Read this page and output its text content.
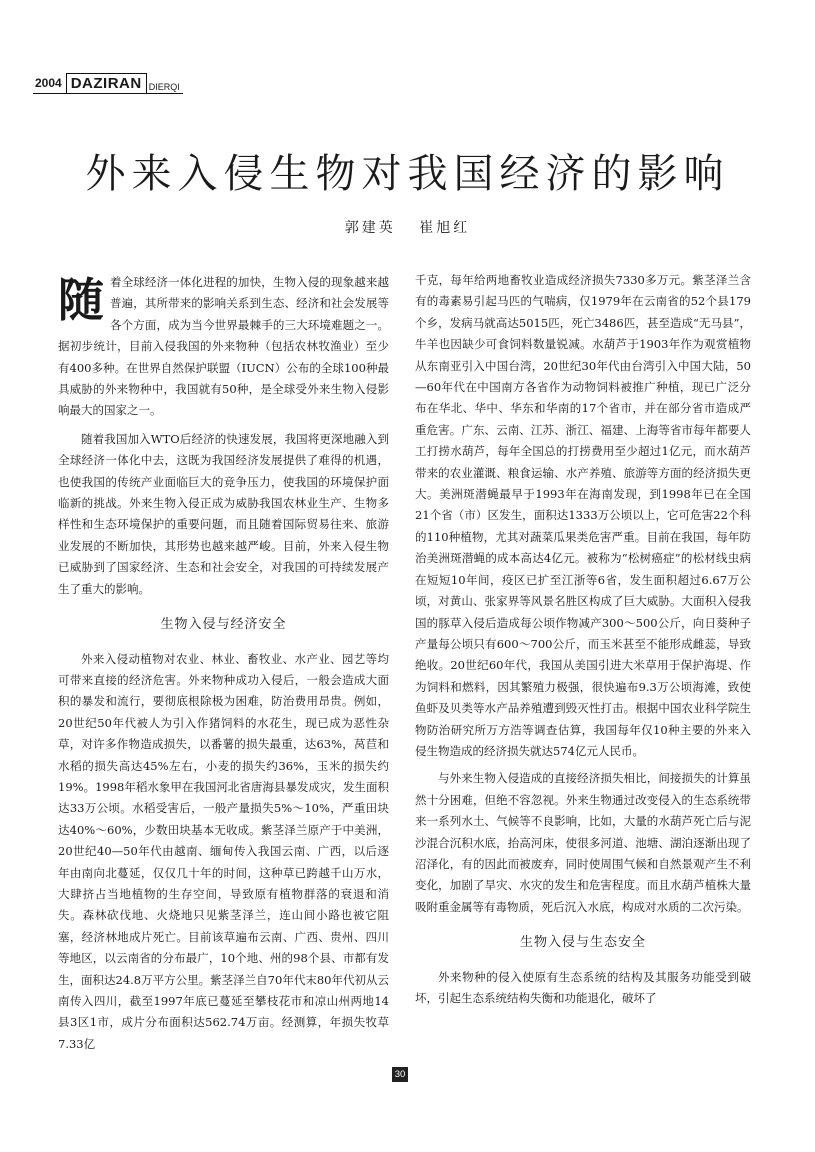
2004 DAZIRAN DIERQI
外来入侵生物对我国经济的影响
郭建英 崔旭红

随着全球经济一体化进程的加快，生物入侵的现象越来越普遍，其所带来的影响关系到生态、经济和社会发展等各个方面，成为当今世界最棘手的三大环境难题之一。据初步统计，目前入侵我国的外来物种（包括农林牧渔业）至少有400多种。在世界自然保护联盟（IUCN）公布的全球100种最具威胁的外来物种中，我国就有50种，是全球受外来生物入侵影响最大的国家之一。

随着我国加入WTO后经济的快速发展，我国将更深地融入到全球经济一体化中去，这既为我国经济发展提供了难得的机遇，也使我国的传统产业面临巨大的竞争压力，使我国的环境保护面临新的挑战。外来生物入侵正成为威胁我国农林业生产、生物多样性和生态环境保护的重要问题，而且随着国际贸易往来、旅游业发展的不断加快，其形势也越来越严峻。目前，外来入侵生物已威胁到了国家经济、生态和社会安全，对我国的可持续发展产生了重大的影响。

生物入侵与经济安全

外来入侵动植物对农业、林业、畜牧业、水产业、园艺等均可带来直接的经济危害。外来物种成功入侵后，一般会造成大面积的暴发和流行，要彻底根除极为困难，防治费用昂贵。例如，20世纪50年代被人为引入作猪饲料的水花生，现已成为恶性杂草，对许多作物造成损失，以番薯的损失最重，达63%，莴苣和水稻的损失高达45%左右，小麦的损失约36%，玉米的损失约19%。1998年稻水象甲在我国河北省唐海县暴发成灾，发生面积达33万公顷。水稻受害后，一般产量损失5%～10%，严重田块达40%～60%，少数田块基本无收成。紫茎泽兰原产于中美洲，20世纪40—50年代由越南、缅甸传入我国云南、广西，以后逐年由南向北蔓延，仅仅几十年的时间，这种草已跨越千山万水，大肆挤占当地植物的生存空间，导致原有植物群落的衰退和消失。森林砍伐地、火烧地只见紫茎泽兰，连山间小路也被它阻塞，经济林地成片死亡。目前该草遍布云南、广西、贵州、四川等地区，以云南省的分布最广，10个地、州的98个县、市都有发生，面积达24.8万平方公里。紫茎泽兰自70年代末80年代初从云南传入四川，截至1997年底已蔓延至攀枝花市和凉山州两地14县3区1市，成片分布面积达562.74万亩。经测算，年损失牧草7.33亿

千克，每年给两地畜牧业造成经济损失7330多万元。紫茎泽兰含有的毒素易引起马匹的气喘病，仅1979年在云南省的52个县179个乡，发病马就高达5015匹，死亡3486匹，甚至造成“无马县”，牛羊也因缺少可食饲料数量锐减。水葫芦于1903年作为观赏植物从东南亚引入中国台湾，20世纪30年代由台湾引入中国大陆，50—60年代在中国南方各省作为动物饲料被推广种植，现已广泛分布在华北、华中、华东和华南的17个省市，并在部分省市造成严重危害。广东、云南、江苏、浙江、福建、上海等省市每年都要人工打捞水葫芦，每年全国总的打捞费用至少超过1亿元，而水葫芦带来的农业灌溉、粮食运输、水产养殖、旅游等方面的经济损失更大。美洲斑潜蝇最早于1993年在海南发现，到1998年已在全国21个省（市）区发生，面积达1333万公顷以上，它可危害22个科的110种植物，尤其对蔬菜瓜果类危害严重。目前在我国，每年防治美洲斑潜蝇的成本高达4亿元。被称为“松树癌症”的松材线虫病在短短10年间，疫区已扩至江浙等6省，发生面积超过6.67万公顷，对黄山、张家界等风景名胜区构成了巨大威胁。大面积入侵我国的豚草入侵后造成每公顷作物减产300～500公斤，向日葵种子产量每公顷只有600～700公斤，而玉米甚至不能形成雌蕊，导致绝收。20世纪60年代，我国从美国引进大米草用于保护海堤、作为饲料和燃料，因其繁殖力极强，很快遍布9.3万公顷海滩，致使鱼虾及贝类等水产品养殖遭到毁灭性打击。根据中国农业科学院生物防治研究所万方浩等调查估算，我国每年仅10种主要的外来入侵生物造成的经济损失就达574亿元人民币。

与外来生物入侵造成的直接经济损失相比，间接损失的计算虽然十分困难，但绝不容忽视。外来生物通过改变侵入的生态系统带来一系列水土、气候等不良影响，比如，大量的水葫芦死亡后与泥沙混合沉积水底，抬高河床，使很多河道、池塘、湖泊逐渐出现了沼泽化，有的因此而被废弃，同时使周围气候和自然景观产生不利变化，加剧了旱灾、水灾的发生和危害程度。而且水葫芦植株大量吸附重金属等有毒物质，死后沉入水底，构成对水质的二次污染。

生物入侵与生态安全

外来物种的侵入使原有生态系统的结构及其服务功能受到破坏，引起生态系统结构失衡和功能退化，破坏了

30
